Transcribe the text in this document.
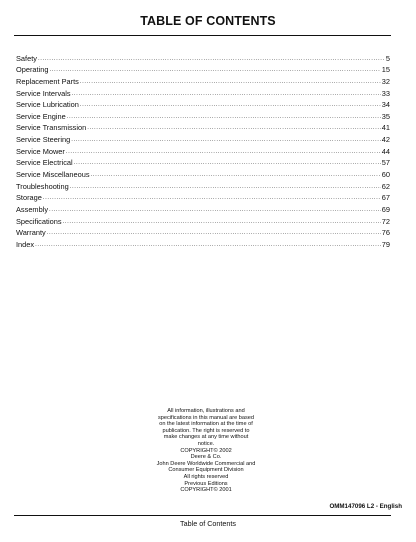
TABLE OF CONTENTS
Safety .....	5
Operating .....	15
Replacement Parts .....	32
Service Intervals .....	33
Service Lubrication .....	34
Service Engine .....	35
Service Transmission .....	41
Service Steering .....	42
Service Mower .....	44
Service Electrical .....	57
Service Miscellaneous .....	60
Troubleshooting .....	62
Storage .....	67
Assembly .....	69
Specifications .....	72
Warranty .....	76
Index .....	79
All information, illustrations and
specifications in this manual are based
on the latest information at the time of
publication. The right is reserved to
make changes at any time without
notice.
COPYRIGHT© 2002
Deere & Co.
John Deere Worldwide Commercial and
Consumer Equipment Division
All rights reserved
Previous Editions
COPYRIGHT© 2001
OMM147096 L2 - English
Table of Contents
